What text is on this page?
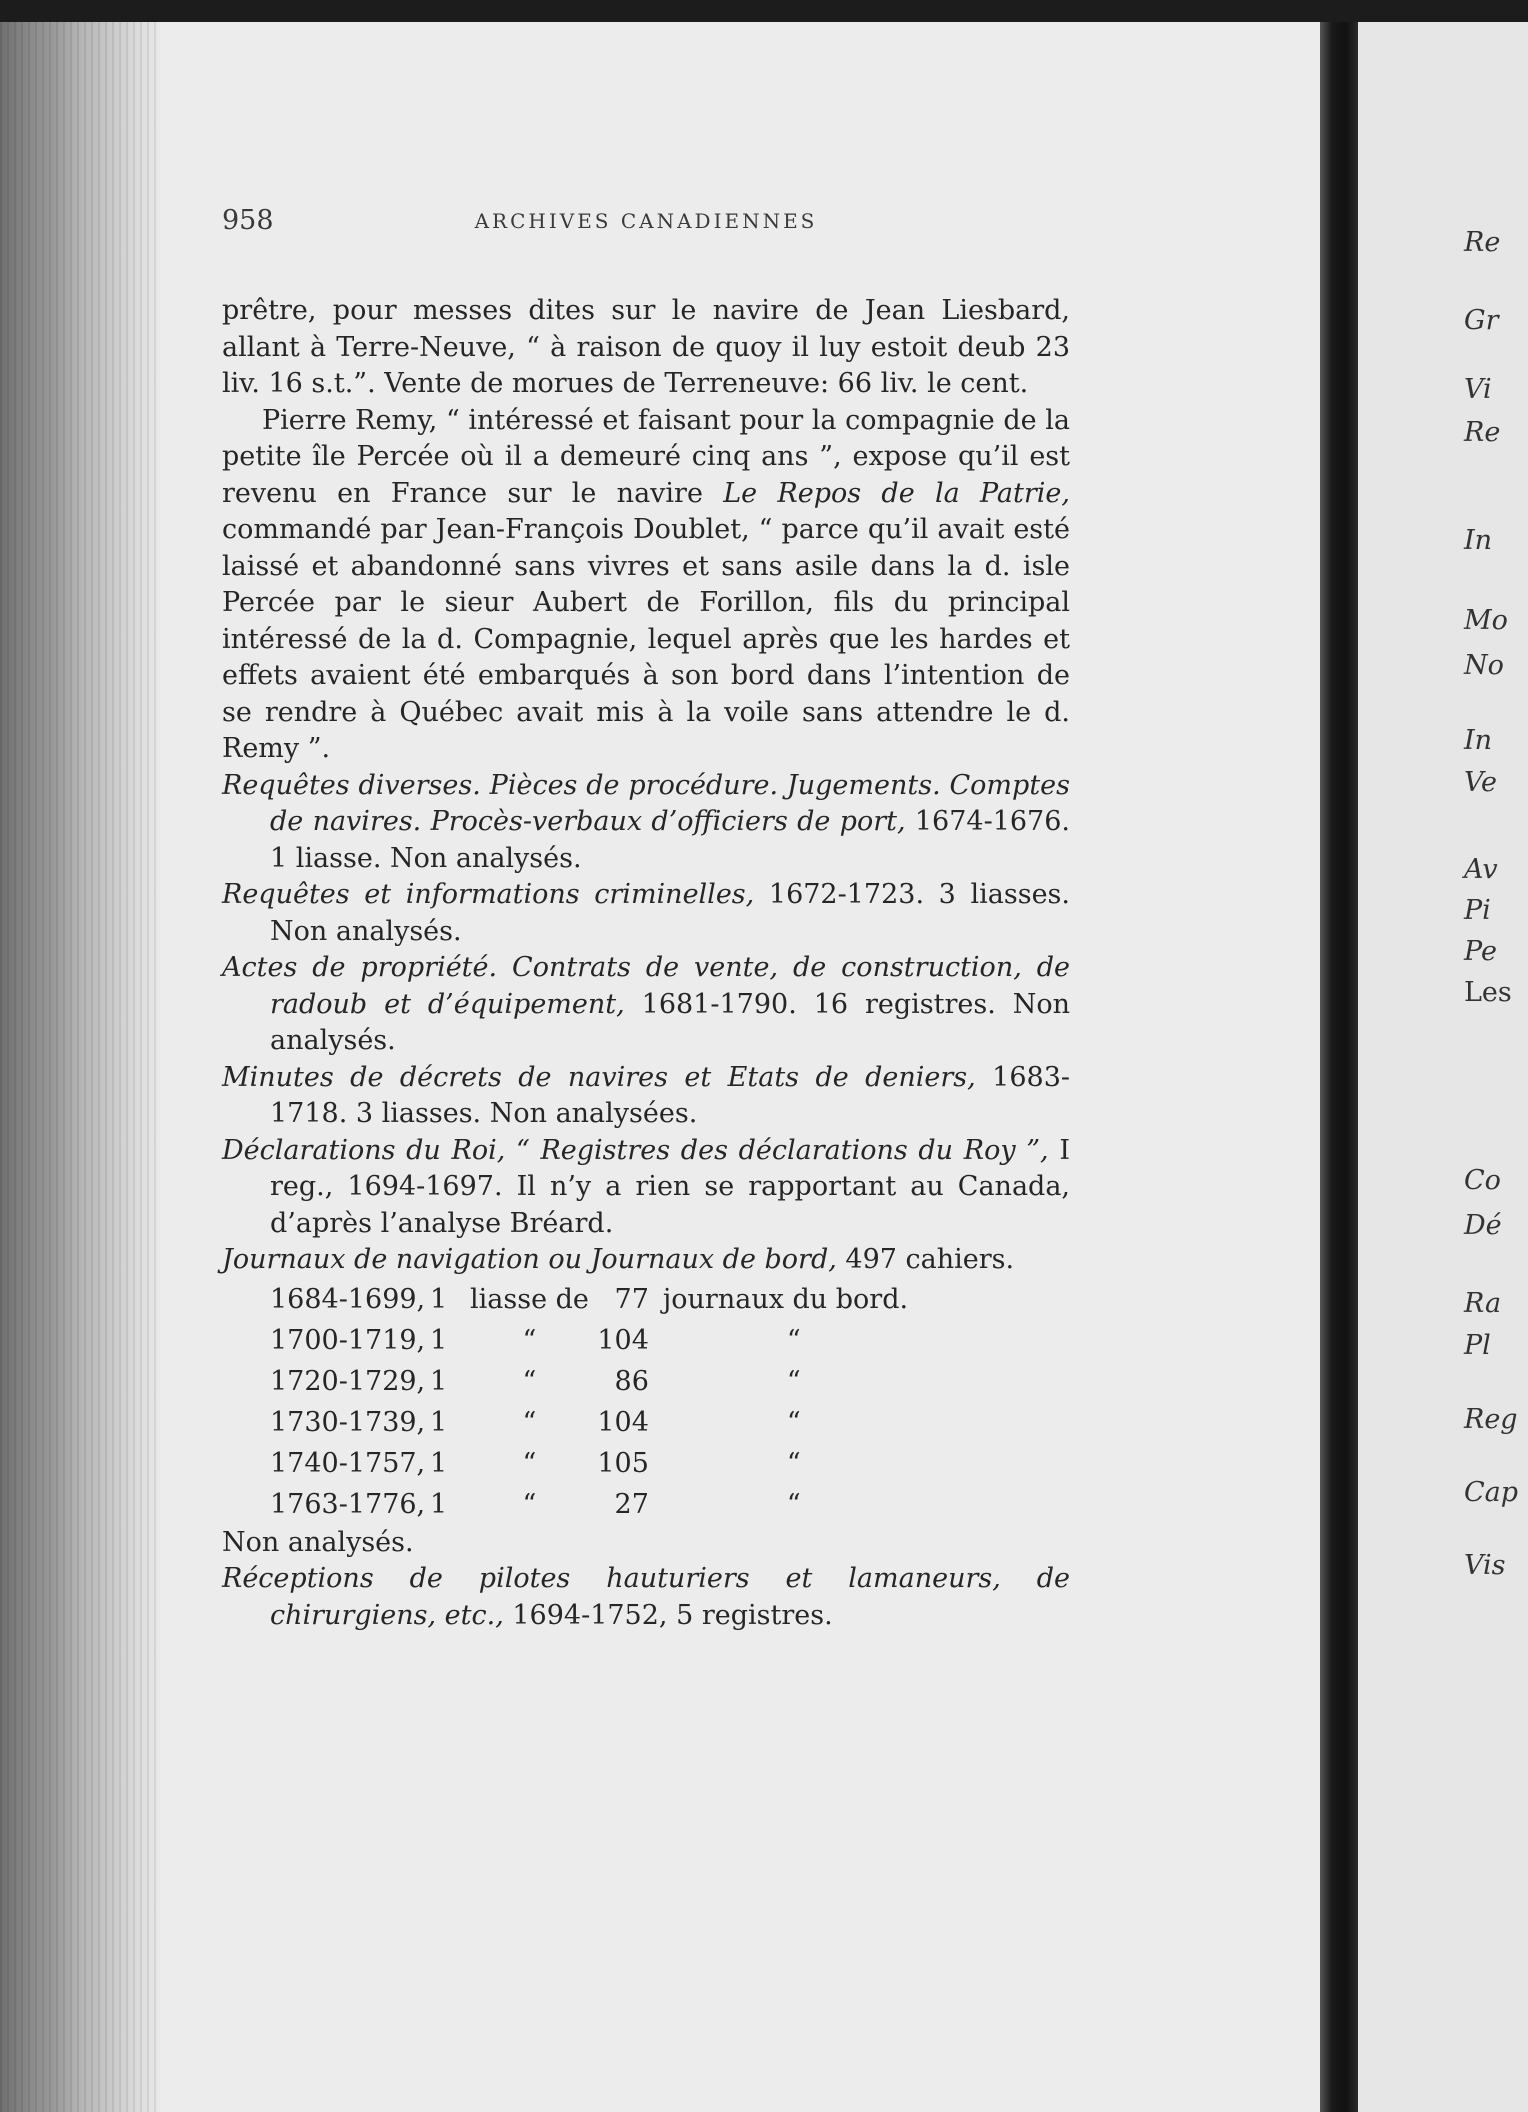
Re
Gr
Vi
Re
In
Mo
No
In
Ve
Av
Pi
Pe
Les
Co
Dé
Ra
Pl
Reg
Cap
Vis
958	ARCHIVES CANADIENNES

prêtre, pour messes dites sur le navire de Jean Liesbard, allant à Terre-Neuve, “ à raison de quoy il luy estoit deub 23 liv. 16 s.t.”. Vente de morues de Terreneuve: 66 liv. le cent.

Pierre Remy, “ intéressé et faisant pour la compagnie de la petite île Percée où il a demeuré cinq ans ”, expose qu’il est revenu en France sur le navire Le Repos de la Patrie, commandé par Jean-François Doublet, “ parce qu’il avait esté laissé et abandonné sans vivres et sans asile dans la d. isle Percée par le sieur Aubert de Forillon, fils du principal intéressé de la d. Compagnie, lequel après que les hardes et effets avaient été embarqués à son bord dans l’intention de se rendre à Québec avait mis à la voile sans attendre le d. Remy ”.

Requêtes diverses. Pièces de procédure. Jugements. Comptes de navires. Procès-verbaux d’officiers de port, 1674-1676. 1 liasse. Non analysés.

Requêtes et informations criminelles, 1672-1723. 3 liasses. Non analysés.

Actes de propriété. Contrats de vente, de construction, de radoub et d’équipement, 1681-1790. 16 registres. Non analysés.

Minutes de décrets de navires et Etats de deniers, 1683-1718. 3 liasses. Non analysées.

Déclarations du Roi, “ Registres des déclarations du Roy ”, I reg., 1694-1697. Il n’y a rien se rapportant au Canada, d’après l’analyse Bréard.

Journaux de navigation ou Journaux de bord, 497 cahiers.

1684-1699,	1	liasse de	77	journaux du bord.
1700-1719,	1	“	104	“
1720-1729,	1	“	86	“
1730-1739,	1	“	104	“
1740-1757,	1	“	105	“
1763-1776,	1	“	27	“

Non analysés.

Réceptions de pilotes hauturiers et lamaneurs, de chirurgiens, etc., 1694-1752, 5 registres.
